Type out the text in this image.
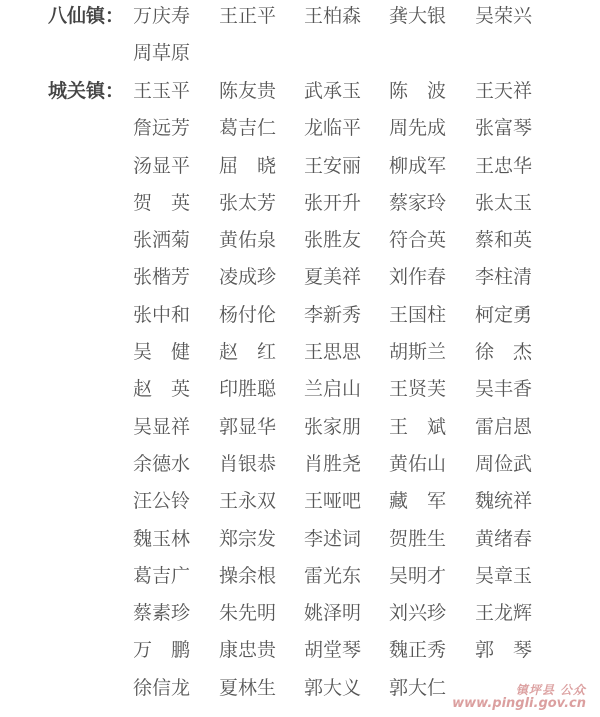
八仙镇： 万庆寿	王正平	王柏森	龚大银	吴荣兴
周草原
城关镇： 王玉平	陈友贵	武承玉	陈　波	王天祥
詹远芳	葛吉仁	龙临平	周先成	张富琴
汤显平	屈　晓	王安丽	柳成军	王忠华
贺　英	张太芳	张开升	蔡家玲	张太玉
张洒菊	黄佑泉	张胜友	符合英	蔡和英
张楷芳	凌成珍	夏美祥	刘作春	李柱清
张中和	杨付伦	李新秀	王国柱	柯定勇
吴　健	赵　红	王思思	胡斯兰	徐　杰
赵　英	印胜聪	兰启山	王贤芙	吴丰香
吴显祥	郭显华	张家朋	王　斌	雷启恩
余德水	肖银恭	肖胜尧	黄佑山	周俭武
汪公铃	王永双	王哑吧	藏　军	魏统祥
魏玉林	郑宗发	李述词	贺胜生	黄绪春
葛吉广	操余根	雷光东	吴明才	吴章玉
蔡素珍	朱先明	姚泽明	刘兴珍	王龙辉
万　鹏	康忠贵	胡堂琴	魏正秀	郭　琴
徐信龙	夏林生	郭大义	郭大仁	镇坪县 公众
www.pingli.gov.cn
